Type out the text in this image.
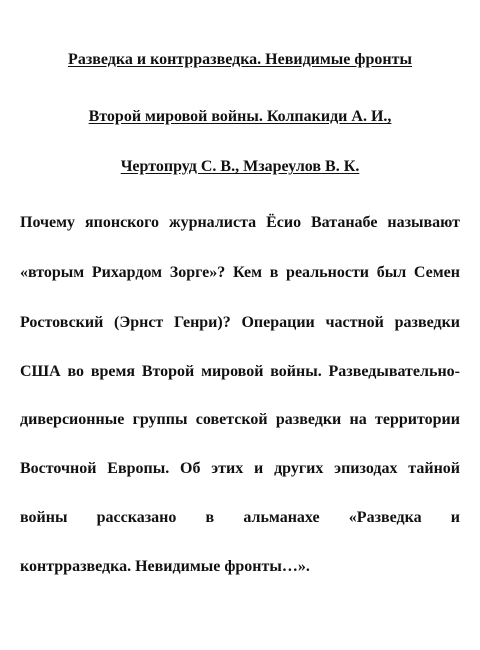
Разведка и контрразведка. Невидимые фронты
Второй мировой войны. Колпакиди А. И.,
Чертопруд С. В., Мзареулов В. К.
Почему японского журналиста Ёсио Ватанабе называют
«вторым Рихардом Зорге»? Кем в реальности был Семен
Ростовский (Эрнст Генри)? Операции частной разведки
США во время Второй мировой войны. Разведывательно-
диверсионные группы советской разведки на территории
Восточной Европы. Об этих и других эпизодах тайной
войны рассказано в альманахе «Разведка и
контрразведка. Невидимые фронты…».
